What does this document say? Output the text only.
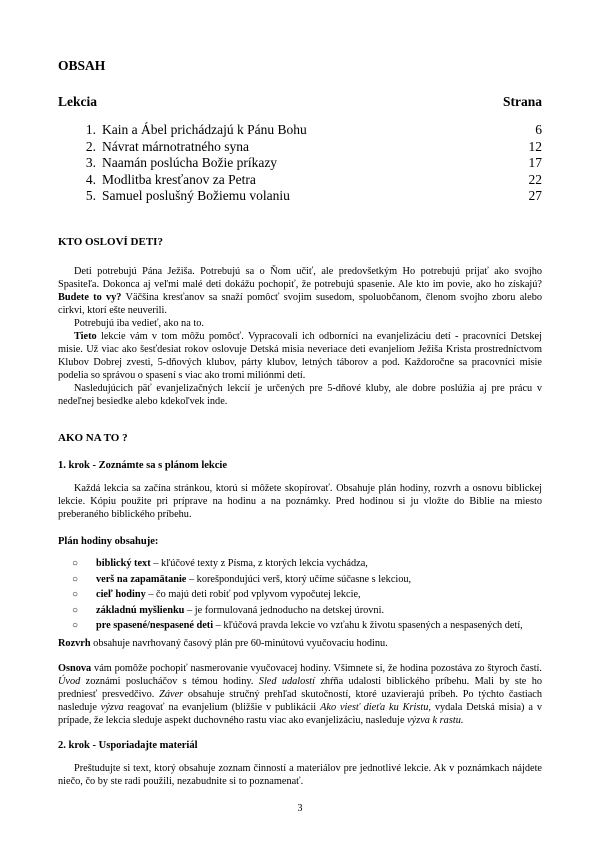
OBSAH
Lekcia	Strana
1. Kain a Ábel prichádzajú k Pánu Bohu	6
2. Návrat márnotratného syna	12
3. Naamán poslúcha Božie príkazy	17
4. Modlitba kresťanov za Petra	22
5. Samuel poslušný Božiemu volaniu	27
KTO OSLOVÍ DETI?

Deti potrebujú Pána Ježiša. Potrebujú sa o Ňom učiť, ale predovšetkým Ho potrebujú prijať ako svojho Spasiteľa. Dokonca aj veľmi malé deti dokážu pochopiť, že potrebujú spasenie. Ale kto im povie, ako ho získajú? Budete to vy? Väčšina kresťanov sa snaží pomôcť svojim susedom, spoluobčanom, členom svojho zboru alebo cirkvi, ktorí ešte neuverili.

Potrebujú iba vedieť, ako na to.

Tieto lekcie vám v tom môžu pomôcť. Vypracovali ich odborníci na evanjelizáciu detí - pracovníci Detskej misie. Už viac ako šesťdesiat rokov oslovuje Detská misia neveriace deti evanjeliom Ježiša Krista prostredníctvom Klubov Dobrej zvesti, 5-dňových klubov, párty klubov, letných táborov a pod. Každoročne sa pracovníci misie podelia so správou o spasení s viac ako tromi miliónmi detí.

Nasledujúcich päť evanjelizačných lekcií je určených pre 5-dňové kluby, ale dobre poslúžia aj pre prácu v nedeľnej besiedke alebo kdekoľvek inde.

AKO NA TO ?
1. krok - Zoznámte sa s plánom lekcie

Každá lekcia sa začína stránkou, ktorú si môžete skopírovať. Obsahuje plán hodiny, rozvrh a osnovu biblickej lekcie. Kópiu použite pri príprave na hodinu a na poznámky. Pred hodinou si ju vložte do Biblie na miesto preberaného biblického príbehu.

Plán hodiny obsahuje:
○ biblický text – kľúčové texty z Písma, z ktorých lekcia vychádza,
○ verš na zapamätanie – korešpondujúci verš, ktorý učíme súčasne s lekciou,
○ cieľ hodiny – čo majú deti robiť pod vplyvom vypočutej lekcie,
○ základnú myšlienku – je formulovaná jednoducho na detskej úrovni.
○ pre spasené/nespasené deti – kľúčová pravda lekcie vo vzťahu k životu spasených a nespasených detí,

Rozvrh obsahuje navrhovaný časový plán pre 60-minútovú vyučovaciu hodinu.

Osnova vám pomôže pochopiť nasmerovanie vyučovacej hodiny. Všimnete si, že hodina pozostáva zo štyroch častí. Úvod zoznámi poslucháčov s témou hodiny. Sled udalostí zhŕňa udalosti biblického príbehu. Mali by ste ho predniesť presvedčivo. Záver obsahuje stručný prehľad skutočností, ktoré uzavierajú príbeh. Po týchto častiach nasleduje výzva reagovať na evanjelium (bližšie v publikácii Ako viesť dieťa ku Kristu, vydala Detská misia) a v prípade, že lekcia sleduje aspekt duchovného rastu viac ako evanjelizáciu, nasleduje výzva k rastu.

2. krok - Usporiadajte materiál

Preštudujte si text, ktorý obsahuje zoznam činností a materiálov pre jednotlivé lekcie. Ak v poznámkach nájdete niečo, čo by ste radi použili, nezabudnite si to poznamenať.

3
